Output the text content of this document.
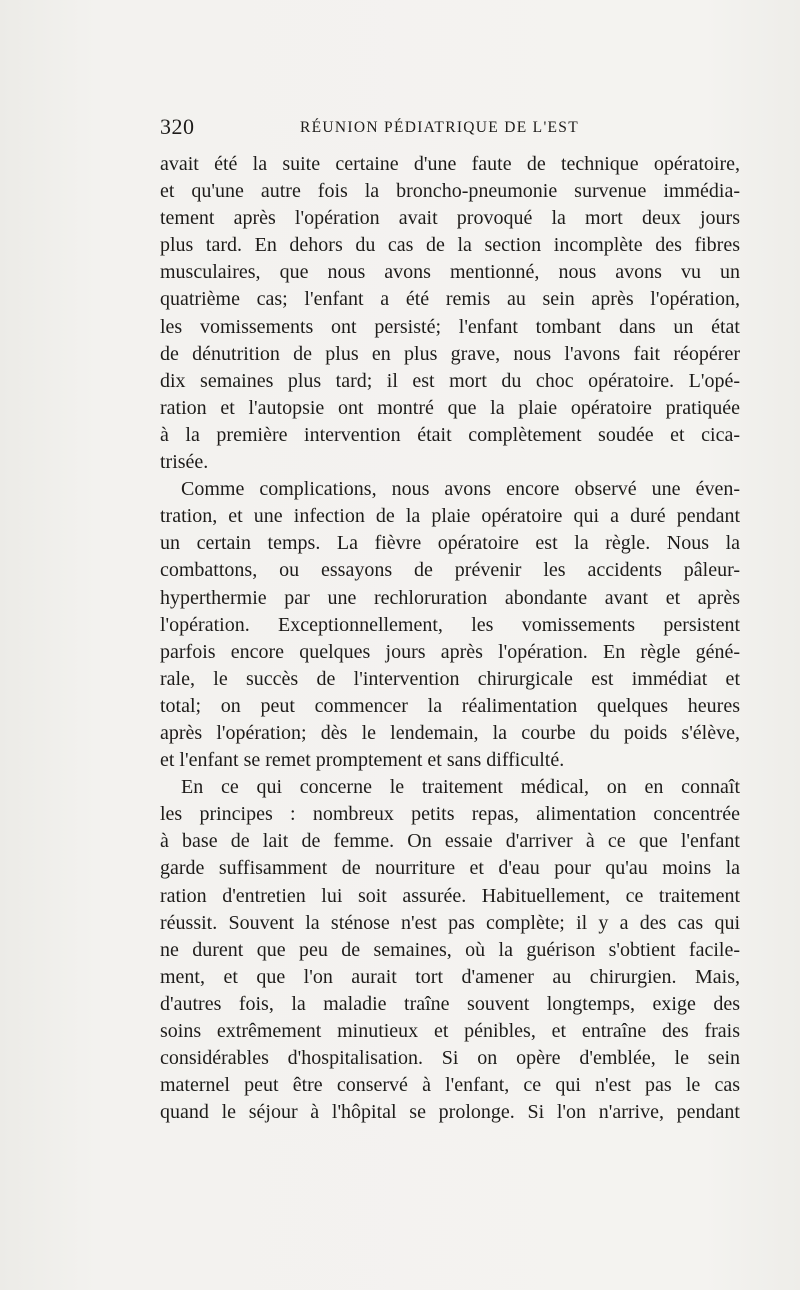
320	RÉUNION PÉDIATRIQUE DE L'EST
avait été la suite certaine d'une faute de technique opératoire,
et qu'une autre fois la broncho-pneumonie survenue immédia-
tement après l'opération avait provoqué la mort deux jours
plus tard. En dehors du cas de la section incomplète des fibres
musculaires, que nous avons mentionné, nous avons vu un
quatrième cas; l'enfant a été remis au sein après l'opération,
les vomissements ont persisté; l'enfant tombant dans un état
de dénutrition de plus en plus grave, nous l'avons fait réopérer
dix semaines plus tard; il est mort du choc opératoire. L'opé-
ration et l'autopsie ont montré que la plaie opératoire pratiquée
à la première intervention était complètement soudée et cica-
trisée.
Comme complications, nous avons encore observé une éven-
tration, et une infection de la plaie opératoire qui a duré pendant
un certain temps. La fièvre opératoire est la règle. Nous la
combattons, ou essayons de prévenir les accidents pâleur-
hyperthermie par une rechloruration abondante avant et après
l'opération. Exceptionnellement, les vomissements persistent
parfois encore quelques jours après l'opération. En règle géné-
rale, le succès de l'intervention chirurgicale est immédiat et
total; on peut commencer la réalimentation quelques heures
après l'opération; dès le lendemain, la courbe du poids s'élève,
et l'enfant se remet promptement et sans difficulté.
En ce qui concerne le traitement médical, on en connaît
les principes : nombreux petits repas, alimentation concentrée
à base de lait de femme. On essaie d'arriver à ce que l'enfant
garde suffisamment de nourriture et d'eau pour qu'au moins la
ration d'entretien lui soit assurée. Habituellement, ce traitement
réussit. Souvent la sténose n'est pas complète; il y a des cas qui
ne durent que peu de semaines, où la guérison s'obtient facile-
ment, et que l'on aurait tort d'amener au chirurgien. Mais,
d'autres fois, la maladie traîne souvent longtemps, exige des
soins extrêmement minutieux et pénibles, et entraîne des frais
considérables d'hospitalisation. Si on opère d'emblée, le sein
maternel peut être conservé à l'enfant, ce qui n'est pas le cas
quand le séjour à l'hôpital se prolonge. Si l'on n'arrive, pendant
